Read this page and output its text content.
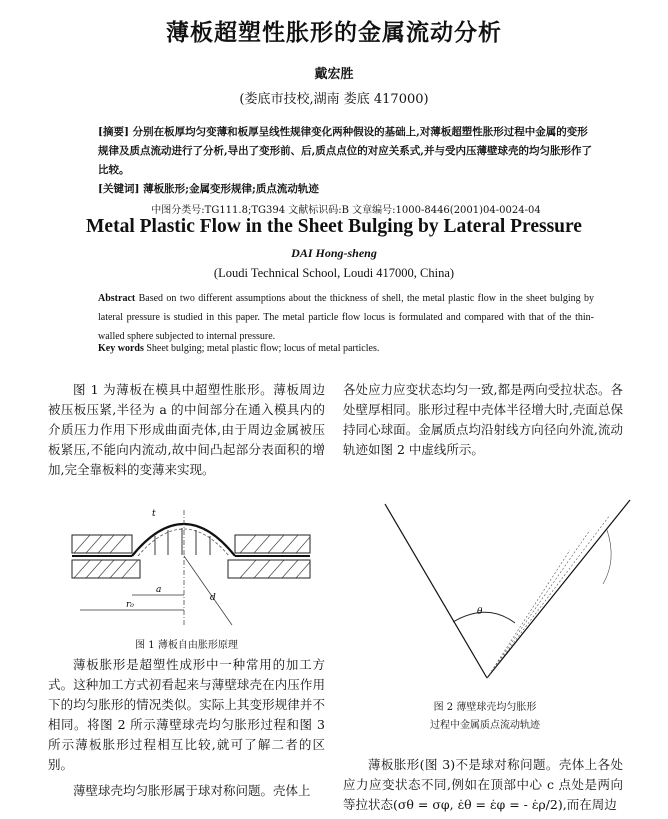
薄板超塑性胀形的金属流动分析
戴宏胜
(娄底市技校,湖南 娄底 417000)
[摘要] 分别在板厚均匀变薄和板厚呈线性规律变化两种假设的基础上,对薄板超塑性胀形过程中金属的变形规律及质点流动进行了分析,导出了变形前、后,质点点位的对应关系式,并与受内压薄壁球壳的均匀胀形作了比较。
[关键词] 薄板胀形;金属变形规律;质点流动轨迹
中图分类号:TG111.8;TG394 文献标识码:B 文章编号:1000-8446(2001)04-0024-04
Metal Plastic Flow in the Sheet Bulging by Lateral Pressure
DAI Hong-sheng
(Loudi Technical School, Loudi 417000, China)
Abstract Based on two different assumptions about the thickness of shell, the metal plastic flow in the sheet bulging by lateral pressure is studied in this paper. The metal particle flow locus is formulated and compared with that of the thin-walled sphere subjected to internal pressure.
Key words Sheet bulging; metal plastic flow; locus of metal particles.
图 1 为薄板在模具中超塑性胀形。薄板周边被压板压紧,半径为 a 的中间部分在通入模具内的介质压力作用下形成曲面壳体,由于周边金属被压板紧压,不能向内流动,故中间凸起部分表面积的增加,完全靠板料的变薄来实现。
a
r₀
t
d
图 1 薄板自由胀形原理
薄板胀形是超塑性成形中一种常用的加工方式。这种加工方式初看起来与薄壁球壳在内压作用下的均匀胀形的情况类似。实际上其变形规律并不相同。将图 2 所示薄壁球壳均匀胀形过程和图 3 所示薄板胀形过程相互比较,就可了解二者的区别。
薄壁球壳均匀胀形属于球对称问题。壳体上
各处应力应变状态均匀一致,都是两向受拉状态。各处壁厚相同。胀形过程中壳体半径增大时,壳面总保持同心球面。金属质点均沿射线方向径向外流,流动轨迹如图 2 中虚线所示。
θ
图 2 薄壁球壳均匀胀形
过程中金属质点流动轨迹
薄板胀形(图 3)不是球对称问题。壳体上各处应力应变状态不同,例如在顶部中心 c 点处是两向等拉状态(σθ = σφ, ε̇θ = ε̇φ = - ε̇ρ/2),而在周边
